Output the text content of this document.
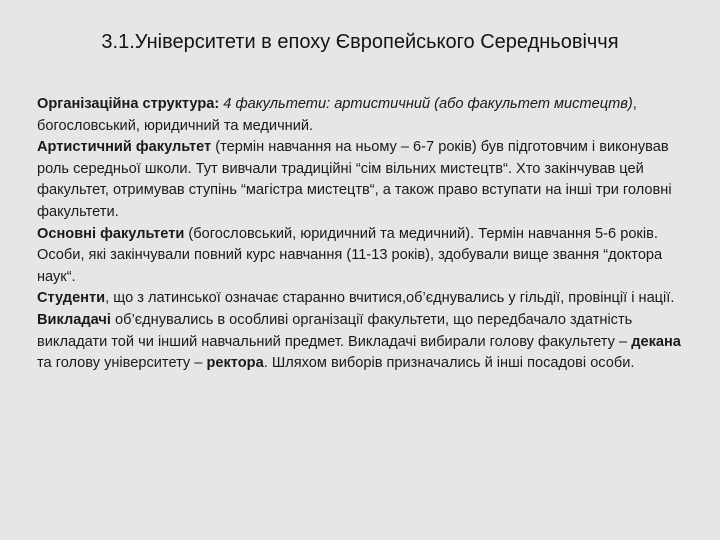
3.1.Університети в епоху Європейського Середньовіччя

Організаційна структура: 4 факультети: артистичний (або факультет мистецтв), богословський, юридичний та медичний.

Артистичний факультет (термін навчання на ньому – 6-7 років) був підготовчим і виконував роль середньої школи. Тут вивчали традиційні “сім вільних мистецтв“. Хто закінчував цей факультет, отримував ступінь “магістра мистецтв“, а також право вступати на інші три головні факультети.

Основні факультети (богословський, юридичний та медичний). Термін навчання 5-6 років. Особи, які закінчували повний курс навчання (11-13 років), здобували вище звання “доктора наук“.

Студенти, що з латинської означає старанно вчитися,об’єднувались у гільдії, провінції і нації. Викладачі об’єднувались в особливі організації факультети, що передбачало здатність викладати той чи інший навчальний предмет. Викладачі вибирали голову факультету – декана та голову університету – ректора. Шляхом виборів призначались й інші посадові особи.
